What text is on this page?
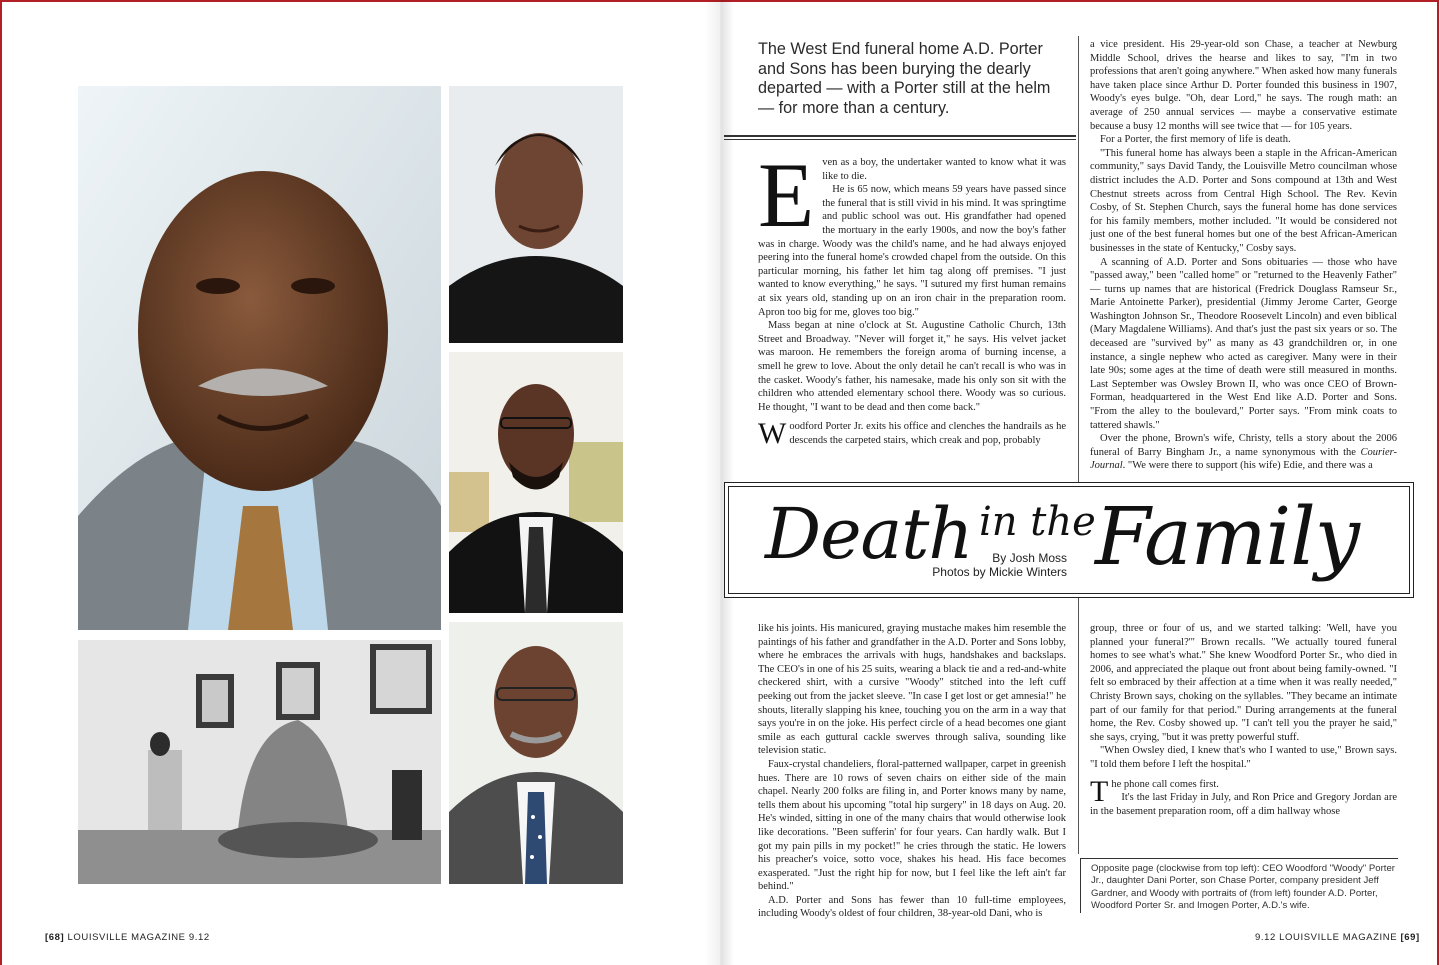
[68] LOUISVILLE MAGAZINE 9.12	9.12 LOUISVILLE MAGAZINE [69]
The West End funeral home A.D. Porter and Sons has been burying the dearly departed — with a Porter still at the helm — for more than a century.

Even as a boy, the undertaker wanted to know what it was like to die.

He is 65 now, which means 59 years have passed since the funeral that is still vivid in his mind. It was springtime and public school was out. His grandfather had opened the mortuary in the early 1900s, and now the boy's father was in charge. Woody was the child's name, and he had always enjoyed peering into the funeral home's crowded chapel from the outside. On this particular morning, his father let him tag along off premises. "I just wanted to know everything," he says. "I sutured my first human remains at six years old, standing up on an iron chair in the preparation room. Apron too big for me, gloves too big."

Mass began at nine o'clock at St. Augustine Catholic Church, 13th Street and Broadway. "Never will forget it," he says. His velvet jacket was maroon. He remembers the foreign aroma of burning incense, a smell he grew to love. About the only detail he can't recall is who was in the casket. Woody's father, his namesake, made his only son sit with the children who attended elementary school there. Woody was so curious. He thought, "I want to be dead and then come back."

Woodford Porter Jr. exits his office and clenches the handrails as he descends the carpeted stairs, which creak and pop, probably

a vice president. His 29-year-old son Chase, a teacher at Newburg Middle School, drives the hearse and likes to say, "I'm in two professions that aren't going anywhere." When asked how many funerals have taken place since Arthur D. Porter founded this business in 1907, Woody's eyes bulge. "Oh, dear Lord," he says. The rough math: an average of 250 annual services — maybe a conservative estimate because a busy 12 months will see twice that — for 105 years.

For a Porter, the first memory of life is death.

"This funeral home has always been a staple in the African-American community," says David Tandy, the Louisville Metro councilman whose district includes the A.D. Porter and Sons compound at 13th and West Chestnut streets across from Central High School. The Rev. Kevin Cosby, of St. Stephen Church, says the funeral home has done services for his family members, mother included. "It would be considered not just one of the best funeral homes but one of the best African-American businesses in the state of Kentucky," Cosby says.

A scanning of A.D. Porter and Sons obituaries — those who have "passed away," been "called home" or "returned to the Heavenly Father" — turns up names that are historical (Fredrick Douglass Ramseur Sr., Marie Antoinette Parker), presidential (Jimmy Jerome Carter, George Washington Johnson Sr., Theodore Roosevelt Lincoln) and even biblical (Mary Magdalene Williams). And that's just the past six years or so. The deceased are "survived by" as many as 43 grandchildren or, in one instance, a single nephew who acted as caregiver. Many were in their late 90s; some ages at the time of death were still measured in months. Last September was Owsley Brown II, who was once CEO of Brown-Forman, headquartered in the West End like A.D. Porter and Sons. "From the alley to the boulevard," Porter says. "From mink coats to tattered shawls."

Over the phone, Brown's wife, Christy, tells a story about the 2006 funeral of Barry Bingham Jr., a name synonymous with the Courier-Journal. "We were there to support (his wife) Edie, and there was a

Death in the Family
By Josh Moss
Photos by Mickie Winters

like his joints. His manicured, graying mustache makes him resemble the paintings of his father and grandfather in the A.D. Porter and Sons lobby, where he embraces the arrivals with hugs, handshakes and backslaps. The CEO's in one of his 25 suits, wearing a black tie and a red-and-white checkered shirt, with a cursive "Woody" stitched into the left cuff peeking out from the jacket sleeve. "In case I get lost or get amnesia!" he shouts, literally slapping his knee, touching you on the arm in a way that says you're in on the joke. His perfect circle of a head becomes one giant smile as each guttural cackle swerves through saliva, sounding like television static.

Faux-crystal chandeliers, floral-patterned wallpaper, carpet in greenish hues. There are 10 rows of seven chairs on either side of the main chapel. Nearly 200 folks are filing in, and Porter knows many by name, tells them about his upcoming "total hip surgery" in 18 days on Aug. 20. He's winded, sitting in one of the many chairs that would otherwise look like decorations. "Been sufferin' for four years. Can hardly walk. But I got my pain pills in my pocket!" he cries through the static. He lowers his preacher's voice, sotto voce, shakes his head. His face becomes exasperated. "Just the right hip for now, but I feel like the left ain't far behind."

A.D. Porter and Sons has fewer than 10 full-time employees, including Woody's oldest of four children, 38-year-old Dani, who is

group, three or four of us, and we started talking: 'Well, have you planned your funeral?'" Brown recalls. "We actually toured funeral homes to see what's what." She knew Woodford Porter Sr., who died in 2006, and appreciated the plaque out front about being family-owned. "I felt so embraced by their affection at a time when it was really needed," Christy Brown says, choking on the syllables. "They became an intimate part of our family for that period." During arrangements at the funeral home, the Rev. Cosby showed up. "I can't tell you the prayer he said," she says, crying, "but it was pretty powerful stuff.

"When Owsley died, I knew that's who I wanted to use," Brown says. "I told them before I left the hospital."

The phone call comes first.

It's the last Friday in July, and Ron Price and Gregory Jordan are in the basement preparation room, off a dim hallway whose

Opposite page (clockwise from top left): CEO Woodford "Woody" Porter Jr., daughter Dani Porter, son Chase Porter, company president Jeff Gardner, and Woody with portraits of (from left) founder A.D. Porter, Woodford Porter Sr. and Imogen Porter, A.D.'s wife.
